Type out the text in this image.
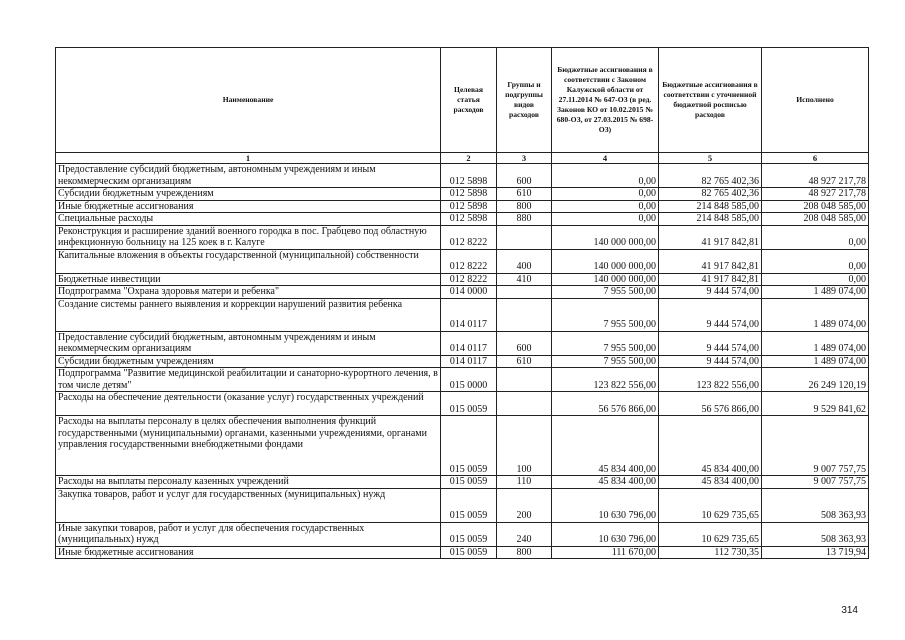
Наименование	Целевая статья расходов	Группы и подгруппы видов расходов	Бюджетные ассигнования в соответствии с Законом Калужской области от 27.11.2014 № 647-ОЗ (в ред. Законов КО от 10.02.2015 № 680-ОЗ, от 27.03.2015 № 698-ОЗ)	Бюджетные ассигнования в соответствии с уточненной бюджетной росписью расходов	Исполнено
1	2	3	4	5	6
Предоставление субсидий бюджетным, автономным учреждениям и иным некоммерческим организациям	012 5898	600	0,00	82 765 402,36	48 927 217,78
Субсидии бюджетным учреждениям	012 5898	610	0,00	82 765 402,36	48 927 217,78
Иные бюджетные ассигнования	012 5898	800	0,00	214 848 585,00	208 048 585,00
Специальные расходы	012 5898	880	0,00	214 848 585,00	208 048 585,00
Реконструкция и расширение зданий военного городка в пос. Грабцево под областную инфекционную больницу на 125 коек в г. Калуге	012 8222		140 000 000,00	41 917 842,81	0,00
Капитальные вложения в объекты государственной (муниципальной) собственности	012 8222	400	140 000 000,00	41 917 842,81	0,00
Бюджетные инвестиции	012 8222	410	140 000 000,00	41 917 842,81	0,00
Подпрограмма "Охрана здоровья матери и ребенка"	014 0000		7 955 500,00	9 444 574,00	1 489 074,00
Создание системы раннего выявления и коррекции нарушений развития ребенка	014 0117		7 955 500,00	9 444 574,00	1 489 074,00
Предоставление субсидий бюджетным, автономным учреждениям и иным некоммерческим организациям	014 0117	600	7 955 500,00	9 444 574,00	1 489 074,00
Субсидии бюджетным учреждениям	014 0117	610	7 955 500,00	9 444 574,00	1 489 074,00
Подпрограмма "Развитие медицинской реабилитации и санаторно-курортного лечения, в том числе детям"	015 0000		123 822 556,00	123 822 556,00	26 249 120,19
Расходы на обеспечение деятельности (оказание услуг) государственных учреждений	015 0059		56 576 866,00	56 576 866,00	9 529 841,62
Расходы на выплаты персоналу в целях обеспечения выполнения функций государственными (муниципальными) органами, казенными учреждениями, органами управления государственными внебюджетными фондами	015 0059	100	45 834 400,00	45 834 400,00	9 007 757,75
Расходы на выплаты персоналу казенных учреждений	015 0059	110	45 834 400,00	45 834 400,00	9 007 757,75
Закупка товаров, работ и услуг для государственных (муниципальных) нужд	015 0059	200	10 630 796,00	10 629 735,65	508 363,93
Иные закупки товаров, работ и услуг для обеспечения государственных (муниципальных) нужд	015 0059	240	10 630 796,00	10 629 735,65	508 363,93
Иные бюджетные ассигнования	015 0059	800	111 670,00	112 730,35	13 719,94
314
